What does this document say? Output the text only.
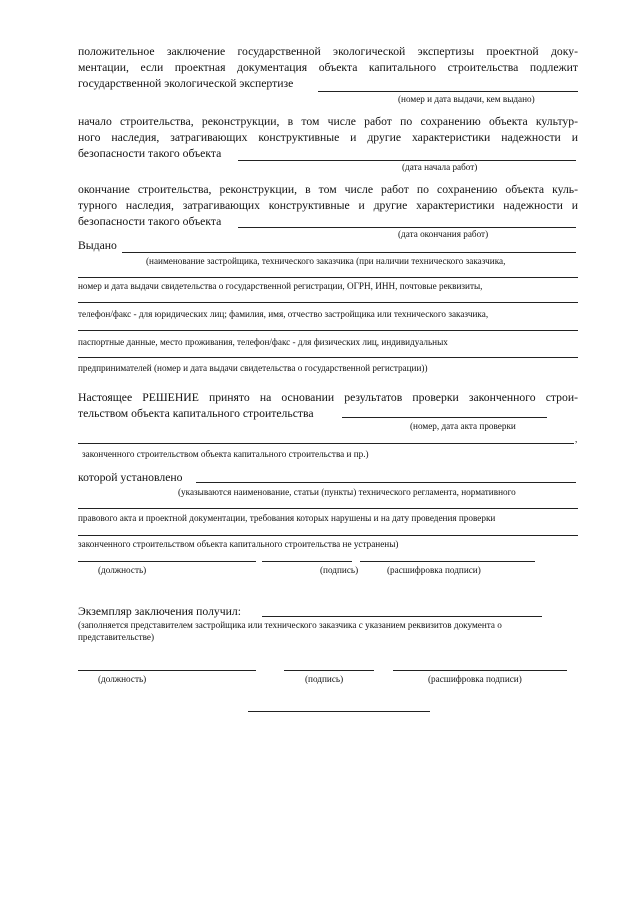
положительное заключение государственной экологической экспертизы проектной доку-
ментации, если проектная документация объекта капитального строительства подлежит
государственной экологической экспертизе
(номер и дата выдачи, кем выдано)
начало строительства, реконструкции, в том числе работ по сохранению объекта культур-
ного наследия, затрагивающих конструктивные и другие характеристики надежности и
безопасности такого объекта
(дата начала работ)
окончание строительства, реконструкции, в том числе работ по сохранению объекта куль-
турного наследия, затрагивающих конструктивные и другие характеристики надежности и
безопасности такого объекта
(дата окончания работ)
Выдано
(наименование застройщика, технического заказчика (при наличии технического заказчика,
номер и дата выдачи свидетельства о государственной регистрации, ОГРН, ИНН, почтовые реквизиты,
телефон/факс - для юридических лиц; фамилия, имя, отчество застройщика или технического заказчика,
паспортные данные, место проживания, телефон/факс - для физических лиц, индивидуальных
предпринимателей (номер и дата выдачи свидетельства о государственной регистрации))
Настоящее РЕШЕНИЕ принято на основании результатов проверки законченного строи-
тельством объекта капитального строительства
(номер, дата акта проверки
,
законченного строительством объекта капитального строительства и пр.)
которой установлено
(указываются наименование, статьи (пункты) технического регламента, нормативного
правового акта и проектной документации, требования которых нарушены и на дату проведения проверки
законченного строительством объекта капитального строительства не устранены)
(должность)	(подпись)	(расшифровка подписи)
Экземпляр заключения получил:
(заполняется представителем застройщика или технического заказчика с указанием реквизитов документа о
представительстве)
(должность)	(подпись)	(расшифровка подписи)
